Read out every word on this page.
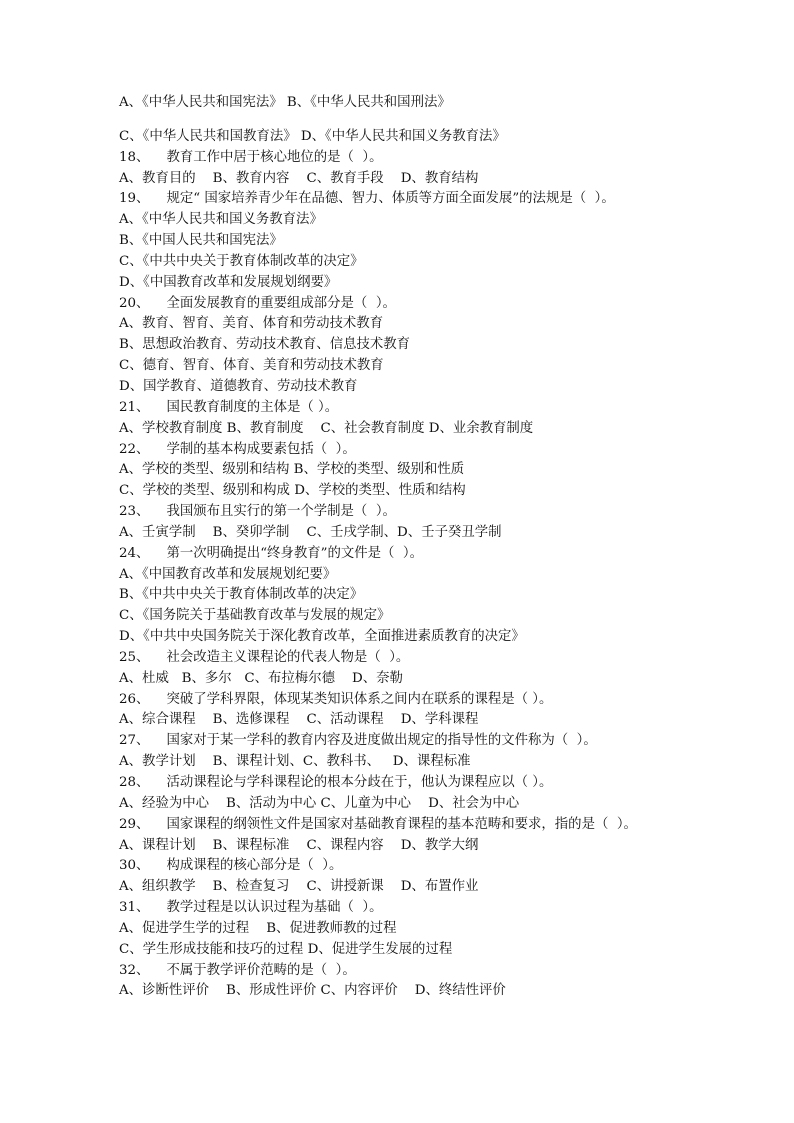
A、《中华人民共和国宪法》 B、《中华人民共和国刑法》
C、《中华人民共和国教育法》 D、《中华人民共和国义务教育法》
18、    教育工作中居于核心地位的是（  ）。
A、教育目的    B、教育内容    C、教育手段    D、教育结构
19、    规定“ 国家培养青少年在品德、智力、体质等方面全面发展”的法规是（  ）。
A、《中华人民共和国义务教育法》
B、《中国人民共和国宪法》
C、《中共中央关于教育体制改革的决定》
D、《中国教育改革和发展规划纲要》
20、    全面发展教育的重要组成部分是（  ）。
A、教育、智育、美育、体育和劳动技术教育
B、思想政治教育、劳动技术教育、信息技术教育
C、德育、智育、体育、美育和劳动技术教育
D、国学教育、道德教育、劳动技术教育
21、    国民教育制度的主体是（ ）。
A、学校教育制度 B、教育制度    C、社会教育制度 D、业余教育制度
22、    学制的基本构成要素包括（  ）。
A、学校的类型、级别和结构 B、学校的类型、级别和性质
C、学校的类型、级别和构成 D、学校的类型、性质和结构
23、    我国颁布且实行的第一个学制是（  ）。
A、壬寅学制    B、癸卯学制    C、壬戌学制、D、壬子癸丑学制
24、    第一次明确提出“终身教育”的文件是（  ）。
A、《中国教育改革和发展规划纪要》
B、《中共中央关于教育体制改革的决定》
C、《国务院关于基础教育改革与发展的规定》
D、《中共中央国务院关于深化教育改革，全面推进素质教育的决定》
25、    社会改造主义课程论的代表人物是（  ）。
A、杜威   B、多尔   C、布拉梅尔德    D、奈勒
26、    突破了学科界限，体现某类知识体系之间内在联系的课程是（ ）。
A、综合课程    B、选修课程    C、活动课程    D、学科课程
27、    国家对于某一学科的教育内容及进度做出规定的指导性的文件称为（  ）。
A、教学计划    B、课程计划、C、教科书、   D、课程标准
28、    活动课程论与学科课程论的根本分歧在于，他认为课程应以（ ）。
A、经验为中心    B、活动为中心 C、儿童为中心    D、社会为中心
29、    国家课程的纲领性文件是国家对基础教育课程的基本范畴和要求，指的是（  ）。
A、课程计划    B、课程标准    C、课程内容    D、教学大纲
30、    构成课程的核心部分是（  ）。
A、组织教学    B、检查复习    C、讲授新课    D、布置作业
31、    教学过程是以认识过程为基础（  ）。
A、促进学生学的过程    B、促进教师教的过程
C、学生形成技能和技巧的过程 D、促进学生发展的过程
32、    不属于教学评价范畴的是（  ）。
A、诊断性评价    B、形成性评价 C、内容评价    D、终结性评价
